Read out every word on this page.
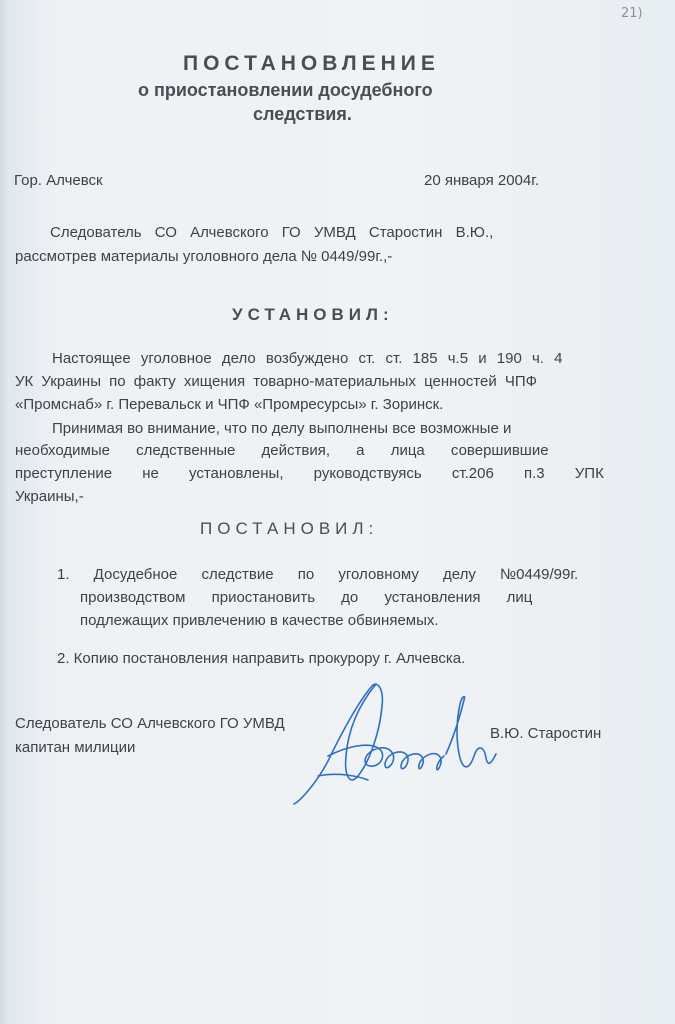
21)
ПОСТАНОВЛЕНИЕ
о приостановлении досудебного
следствия.
Гор. Алчевск	20 января 2004г.
Следователь СО Алчевского ГО УМВД Старостин В.Ю.,
рассмотрев материалы уголовного дела № 0449/99г.,-
УСТАНОВИЛ:
Настоящее уголовное дело возбуждено ст. ст. 185 ч.5 и 190 ч. 4
УК Украины по факту хищения товарно-материальных ценностей ЧПФ
«Промснаб» г. Перевальск и ЧПФ «Промресурсы» г. Зоринск.
Принимая во внимание, что по делу выполнены все возможные и
необходимые следственные действия, а лица совершившие
преступление не установлены, руководствуясь ст.206 п.3 УПК
Украины,-
ПОСТАНОВИЛ:
1. Досудебное следствие по уголовному делу №0449/99г.
производством приостановить до установления лиц
подлежащих привлечению в качестве обвиняемых.
2. Копию постановления направить прокурору г. Алчевска.
Следователь СО Алчевского ГО УМВД
капитан милиции
В.Ю. Старостин
